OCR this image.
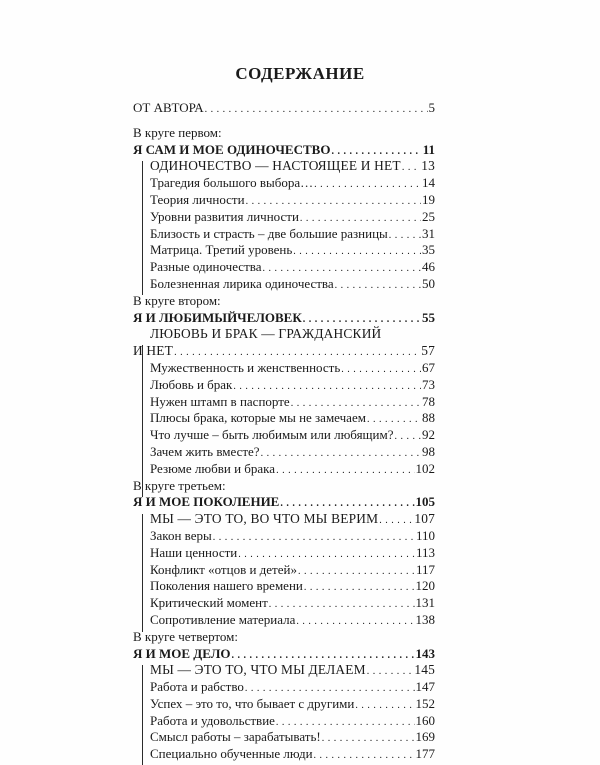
СОДЕРЖАНИЕ
ОТ АВТОРА . . .	5
В круге первом:
Я САМ И МОЕ ОДИНОЧЕСТВО . . .	11
ОДИНОЧЕСТВО — НАСТОЯЩЕЕ И НЕТ . . . 13
Трагедия большого выбора… . . .	14
Теория личности . . .	19
Уровни развития личности . . .	25
Близость и страсть – две большие разницы . . .	31
Матрица. Третий уровень . . .	35
Разные одиночества . . .	46
Болезненная лирика одиночества . . .	50
В круге втором:
Я И ЛЮБИМЫЙЧЕЛОВЕК . . .	55
ЛЮБОВЬ И БРАК — ГРАЖДАНСКИЙ
И НЕТ . . .	57
Мужественность и женственность . . .	67
Любовь и брак . . .	73
Нужен штамп в паспорте . . .	78
Плюсы брака, которые мы не замечаем . . .	88
Что лучше – быть любимым или любящим? . . . 92
Зачем жить вместе? . . .	98
Резюме любви и брака . . .	102
В круге третьем:
Я И МОЕ ПОКОЛЕНИЕ . . .	105
МЫ — ЭТО ТО, ВО ЧТО МЫ ВЕРИМ . . .	107
Закон веры . . .	110
Наши ценности . . .	113
Конфликт «отцов и детей» . . .	117
Поколения нашего времени . . .	120
Критический момент . . .	131
Сопротивление материала . . .	138
В круге четвертом:
Я И МОЕ ДЕЛО . . .	143
МЫ — ЭТО ТО, ЧТО МЫ ДЕЛАЕМ . . .	145
Работа и рабство . . .	147
Успех – это то, что бывает с другими . . .	152
Работа и удовольствие . . .	160
Смысл работы – зарабатывать! . . .	169
Специально обученные люди . . .	177
